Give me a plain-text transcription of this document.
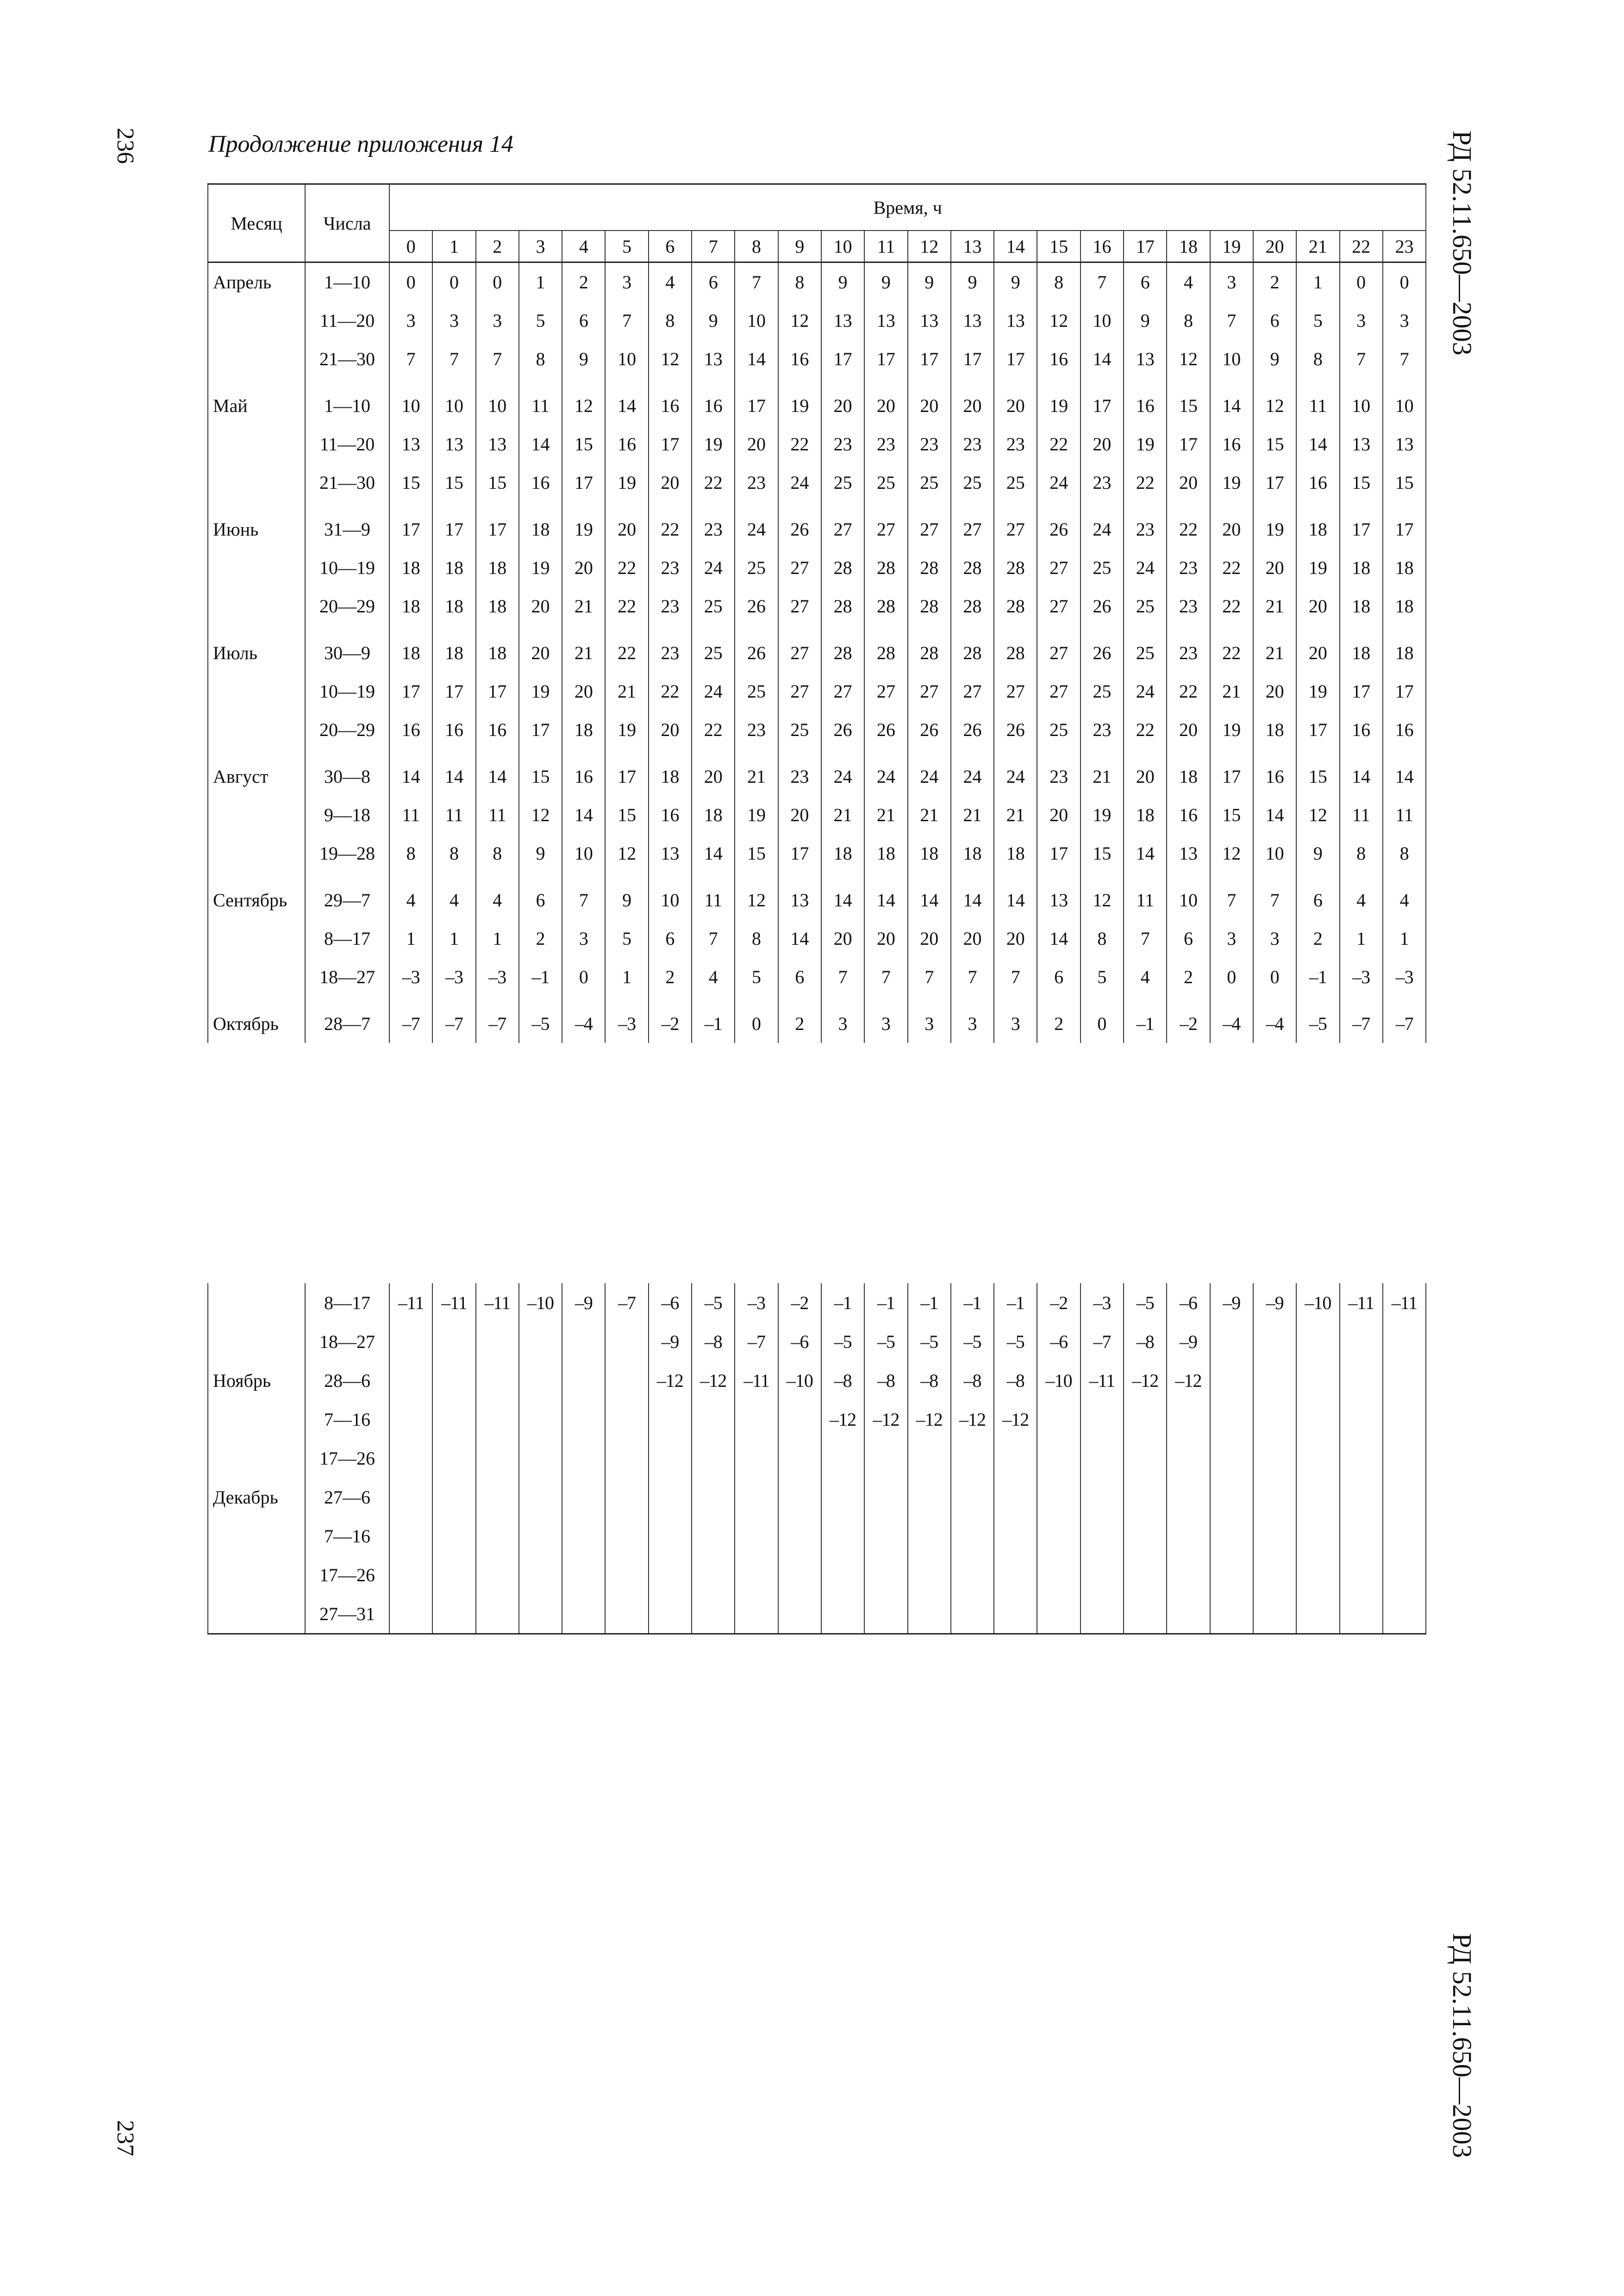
236
237
РД 52.11.650—2003
РД 52.11.650—2003
Продолжение приложения 14
Месяц	Числа	Время, ч																							
		0	1	2	3	4	5	6	7	8	9	10	11	12	13	14	15	16	17	18	19	20	21	22	23
Апрель	1—10	0	0	0	1	2	3	4	6	7	8	9	9	9	9	9	8	7	6	4	3	2	1	0	0
	11—20	3	3	3	5	6	7	8	9	10	12	13	13	13	13	13	12	10	9	8	7	6	5	3	3
	21—30	7	7	7	8	9	10	12	13	14	16	17	17	17	17	17	16	14	13	12	10	9	8	7	7
Май	1—10	10	10	10	11	12	14	16	16	17	19	20	20	20	20	20	19	17	16	15	14	12	11	10	10
	11—20	13	13	13	14	15	16	17	19	20	22	23	23	23	23	23	22	20	19	17	16	15	14	13	13
	21—30	15	15	15	16	17	19	20	22	23	24	25	25	25	25	25	24	23	22	20	19	17	16	15	15
Июнь	31—9	17	17	17	18	19	20	22	23	24	26	27	27	27	27	27	26	24	23	22	20	19	18	17	17
	10—19	18	18	18	19	20	22	23	24	25	27	28	28	28	28	28	27	25	24	23	22	20	19	18	18
	20—29	18	18	18	20	21	22	23	25	26	27	28	28	28	28	28	27	26	25	23	22	21	20	18	18
Июль	30—9	18	18	18	20	21	22	23	25	26	27	28	28	28	28	28	27	26	25	23	22	21	20	18	18
	10—19	17	17	17	19	20	21	22	24	25	27	27	27	27	27	27	27	25	24	22	21	20	19	17	17
	20—29	16	16	16	17	18	19	20	22	23	25	26	26	26	26	26	25	23	22	20	19	18	17	16	16
Август	30—8	14	14	14	15	16	17	18	20	21	23	24	24	24	24	24	23	21	20	18	17	16	15	14	14
	9—18	11	11	11	12	14	15	16	18	19	20	21	21	21	21	21	20	19	18	16	15	14	12	11	11
	19—28	8	8	8	9	10	12	13	14	15	17	18	18	18	18	18	17	15	14	13	12	10	9	8	8
Сентябрь	29—7	4	4	4	6	7	9	10	11	12	13	14	14	14	14	14	13	12	11	10	7	7	6	4	4
	8—17	1	1	1	2	3	5	6	7	8	14	20	20	20	20	20	14	8	7	6	3	3	2	1	1
	18—27	–3	–3	–3	–1	0	1	2	4	5	6	7	7	7	7	7	6	5	4	2	0	0	–1	–3	–3
Октябрь	28—7	–7	–7	–7	–5	–4	–3	–2	–1	0	2	3	3	3	3	3	2	0	–1	–2	–4	–4	–5	–7	–7
	8—17	–11	–11	–11	–10	–9	–7	–6	–5	–3	–2	–1	–1	–1	–1	–1	–2	–3	–5	–6	–9	–9	–10	–11	–11
	18—27							–9	–8	–7	–6	–5	–5	–5	–5	–5	–6	–7	–8	–9					
Ноябрь	28—6							–12	–12	–11	–10	–8	–8	–8	–8	–8	–10	–11	–12	–12					
	7—16											–12	–12	–12	–12	–12									
	17—26																								
Декабрь	27—6																								
	7—16																								
	17—26																								
	27—31																								
